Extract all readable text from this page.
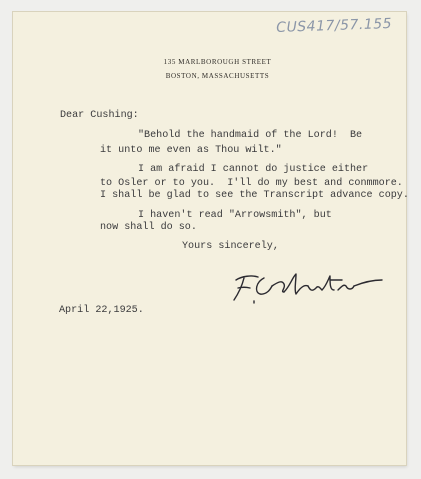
CUS417/57.155
135 MARLBOROUGH STREET
BOSTON, MASSACHUSETTS
Dear Cushing:
"Behold the handmaid of the Lord!  Be
it unto me even as Thou wilt."
I am afraid I cannot do justice either
to Osler or to you.  I'll do my best and conmmore.
I shall be glad to see the Transcript advance copy.
I haven't read "Arrowsmith", but
now shall do so.
Yours sincerely,
April 22,1925.
